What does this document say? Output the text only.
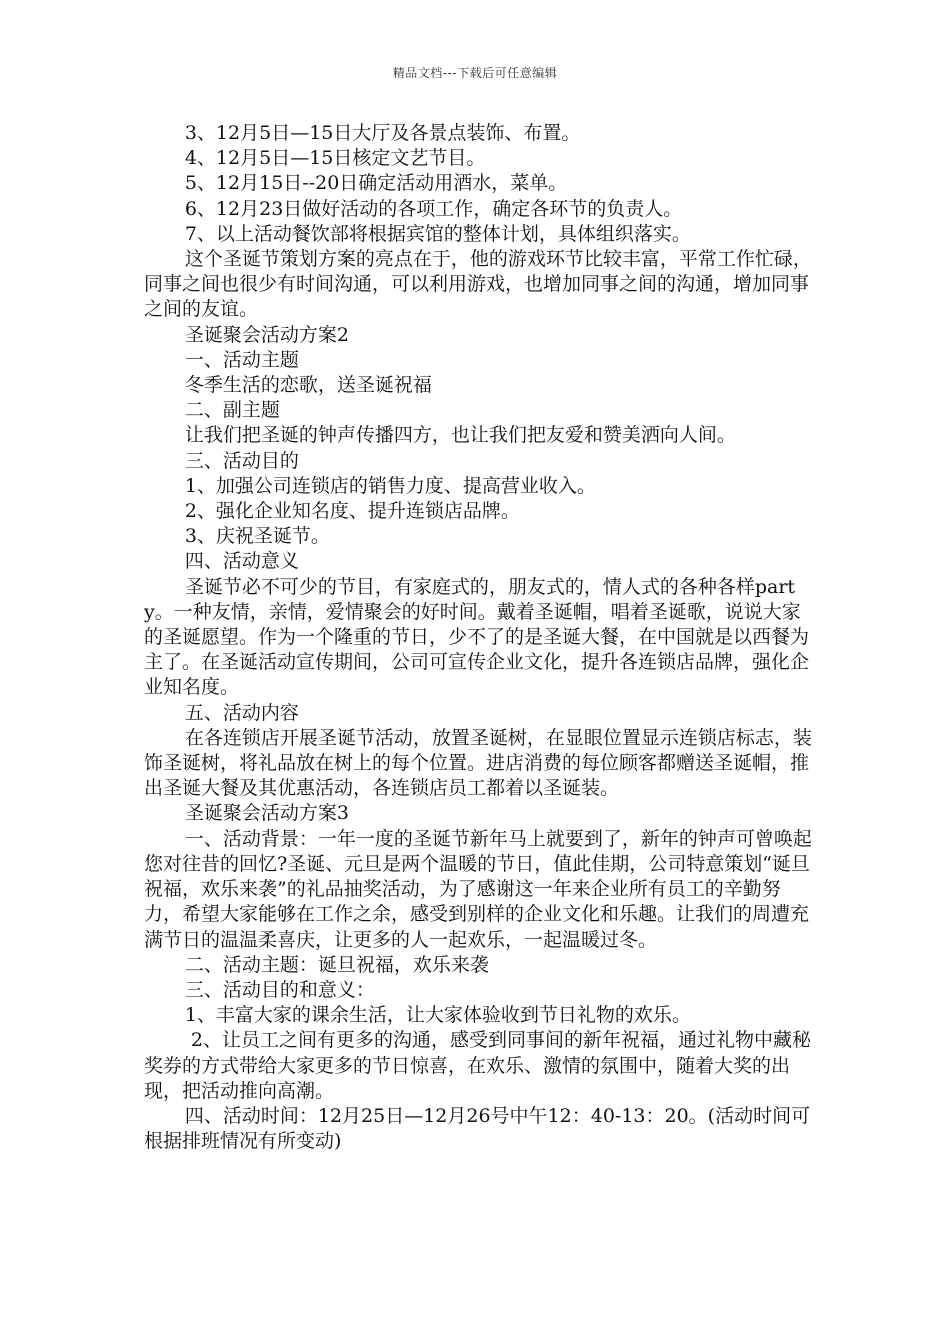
精品文档---下载后可任意编辑

3、12月5日—15日大厅及各景点装饰、布置。

4、12月5日—15日核定文艺节目。

5、12月15日--20日确定活动用酒水，菜单。

6、12月23日做好活动的各项工作，确定各环节的负责人。

7、以上活动餐饮部将根据宾馆的整体计划，具体组织落实。

这个圣诞节策划方案的亮点在于，他的游戏环节比较丰富，平常工作忙碌，同事之间也很少有时间沟通，可以利用游戏，也增加同事之间的沟通，增加同事之间的友谊。

圣诞聚会活动方案2

一、活动主题

冬季生活的恋歌，送圣诞祝福

二、副主题

让我们把圣诞的钟声传播四方，也让我们把友爱和赞美洒向人间。

三、活动目的

1、加强公司连锁店的销售力度、提高营业收入。

2、强化企业知名度、提升连锁店品牌。

3、庆祝圣诞节。

四、活动意义

圣诞节必不可少的节目，有家庭式的，朋友式的，情人式的各种各样party。一种友情，亲情，爱情聚会的好时间。戴着圣诞帽，唱着圣诞歌，说说大家的圣诞愿望。作为一个隆重的节日，少不了的是圣诞大餐，在中国就是以西餐为主了。在圣诞活动宣传期间，公司可宣传企业文化，提升各连锁店品牌，强化企业知名度。

五、活动内容

在各连锁店开展圣诞节活动，放置圣诞树，在显眼位置显示连锁店标志，装饰圣诞树，将礼品放在树上的每个位置。进店消费的每位顾客都赠送圣诞帽，推出圣诞大餐及其优惠活动，各连锁店员工都着以圣诞装。

圣诞聚会活动方案3

一、活动背景：一年一度的圣诞节新年马上就要到了，新年的钟声可曾唤起您对往昔的回忆?圣诞、元旦是两个温暖的节日，值此佳期，公司特意策划“诞旦祝福，欢乐来袭”的礼品抽奖活动，为了感谢这一年来企业所有员工的辛勤努力，希望大家能够在工作之余，感受到别样的企业文化和乐趣。让我们的周遭充满节日的温温柔喜庆，让更多的人一起欢乐，一起温暖过冬。

二、活动主题：诞旦祝福，欢乐来袭

三、活动目的和意义：

1、丰富大家的课余生活，让大家体验收到节日礼物的欢乐。

2、让员工之间有更多的沟通，感受到同事间的新年祝福，通过礼物中藏秘奖券的方式带给大家更多的节日惊喜，在欢乐、激情的氛围中，随着大奖的出现，把活动推向高潮。

四、活动时间：12月25日—12月26号中午12：40-13：20。(活动时间可根据排班情况有所变动)
